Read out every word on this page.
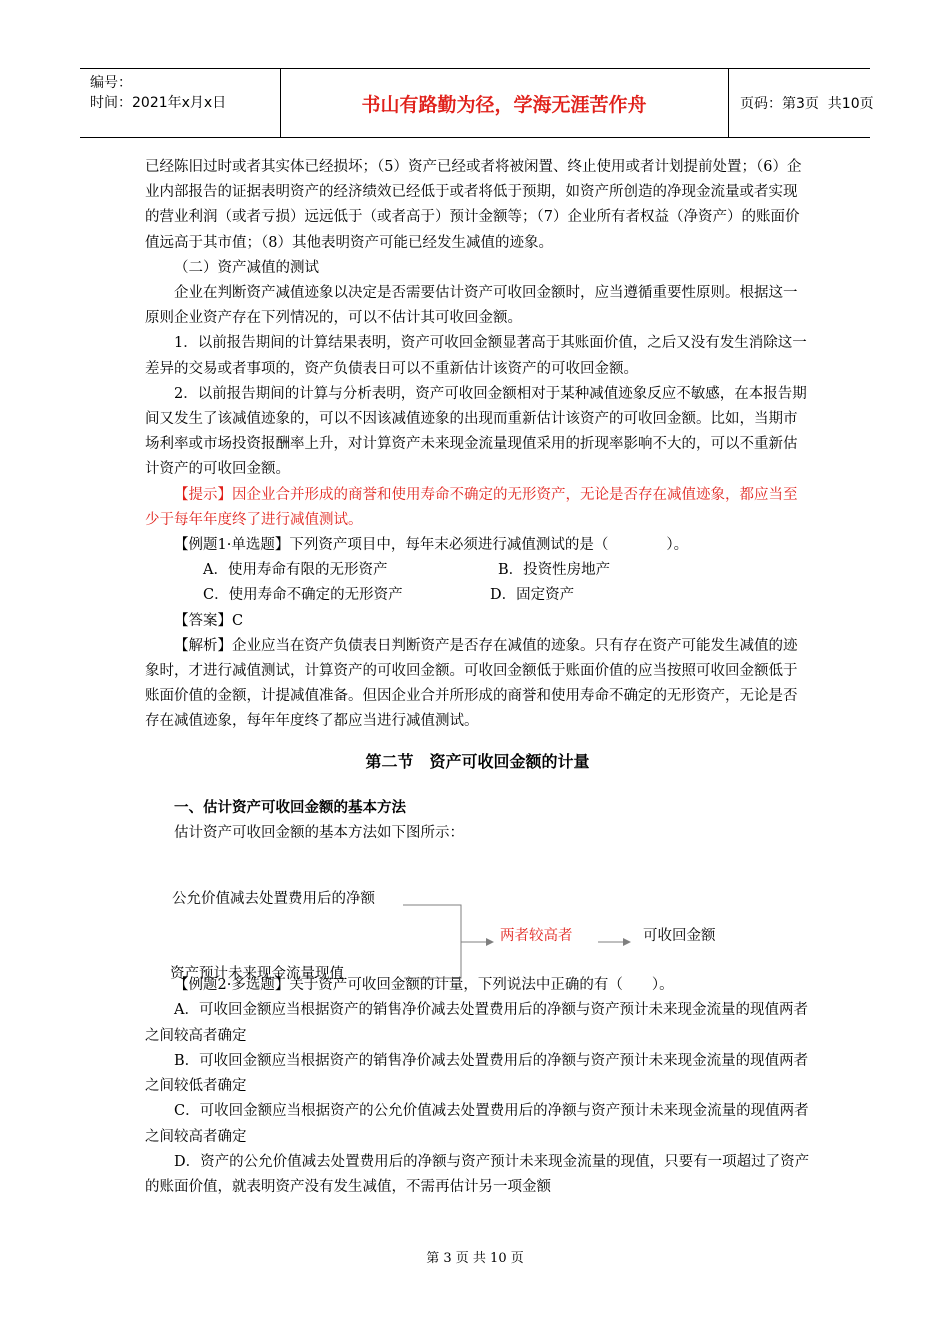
编号：
时间：2021年x月x日	书山有路勤为径，学海无涯苦作舟	页码：第3页  共10页

已经陈旧过时或者其实体已经损坏；（5）资产已经或者将被闲置、终止使用或者计划提前处置；（6）企业内部报告的证据表明资产的经济绩效已经低于或者将低于预期，如资产所创造的净现金流量或者实现的营业利润（或者亏损）远远低于（或者高于）预计金额等；（7）企业所有者权益（净资产）的账面价值远高于其市值；（8）其他表明资产可能已经发生减值的迹象。

（二）资产减值的测试

企业在判断资产减值迹象以决定是否需要估计资产可收回金额时，应当遵循重要性原则。根据这一原则企业资产存在下列情况的，可以不估计其可收回金额。

1．以前报告期间的计算结果表明，资产可收回金额显著高于其账面价值，之后又没有发生消除这一差异的交易或者事项的，资产负债表日可以不重新估计该资产的可收回金额。

2．以前报告期间的计算与分析表明，资产可收回金额相对于某种减值迹象反应不敏感，在本报告期间又发生了该减值迹象的，可以不因该减值迹象的出现而重新估计该资产的可收回金额。比如，当期市场利率或市场投资报酬率上升，对计算资产未来现金流量现值采用的折现率影响不大的，可以不重新估计资产的可收回金额。

【提示】因企业合并形成的商誉和使用寿命不确定的无形资产，无论是否存在减值迹象，都应当至少于每年年度终了进行减值测试。

【例题1·单选题】下列资产项目中，每年末必须进行减值测试的是（　　　　）。

A．使用寿命有限的无形资产	B．投资性房地产

C．使用寿命不确定的无形资产	D．固定资产

【答案】C

【解析】企业应当在资产负债表日判断资产是否存在减值的迹象。只有存在资产可能发生减值的迹象时，才进行减值测试，计算资产的可收回金额。可收回金额低于账面价值的应当按照可收回金额低于账面价值的金额，计提减值准备。但因企业合并所形成的商誉和使用寿命不确定的无形资产，无论是否存在减值迹象，每年年度终了都应当进行减值测试。

第二节　资产可收回金额的计量

一、估计资产可收回金额的基本方法

估计资产可收回金额的基本方法如下图所示：

【例题2·多选题】关于资产可收回金额的计量，下列说法中正确的有（　　）。

A．可收回金额应当根据资产的销售净价减去处置费用后的净额与资产预计未来现金流量的现值两者之间较高者确定

B．可收回金额应当根据资产的销售净价减去处置费用后的净额与资产预计未来现金流量的现值两者之间较低者确定

C．可收回金额应当根据资产的公允价值减去处置费用后的净额与资产预计未来现金流量的现值两者之间较高者确定

D．资产的公允价值减去处置费用后的净额与资产预计未来现金流量的现值，只要有一项超过了资产的账面价值，就表明资产没有发生减值，不需再估计另一项金额

公允价值减去处置费用后的净额
资产预计未来现金流量现值
两者较高者	可收回金额
第 3 页 共 10 页
